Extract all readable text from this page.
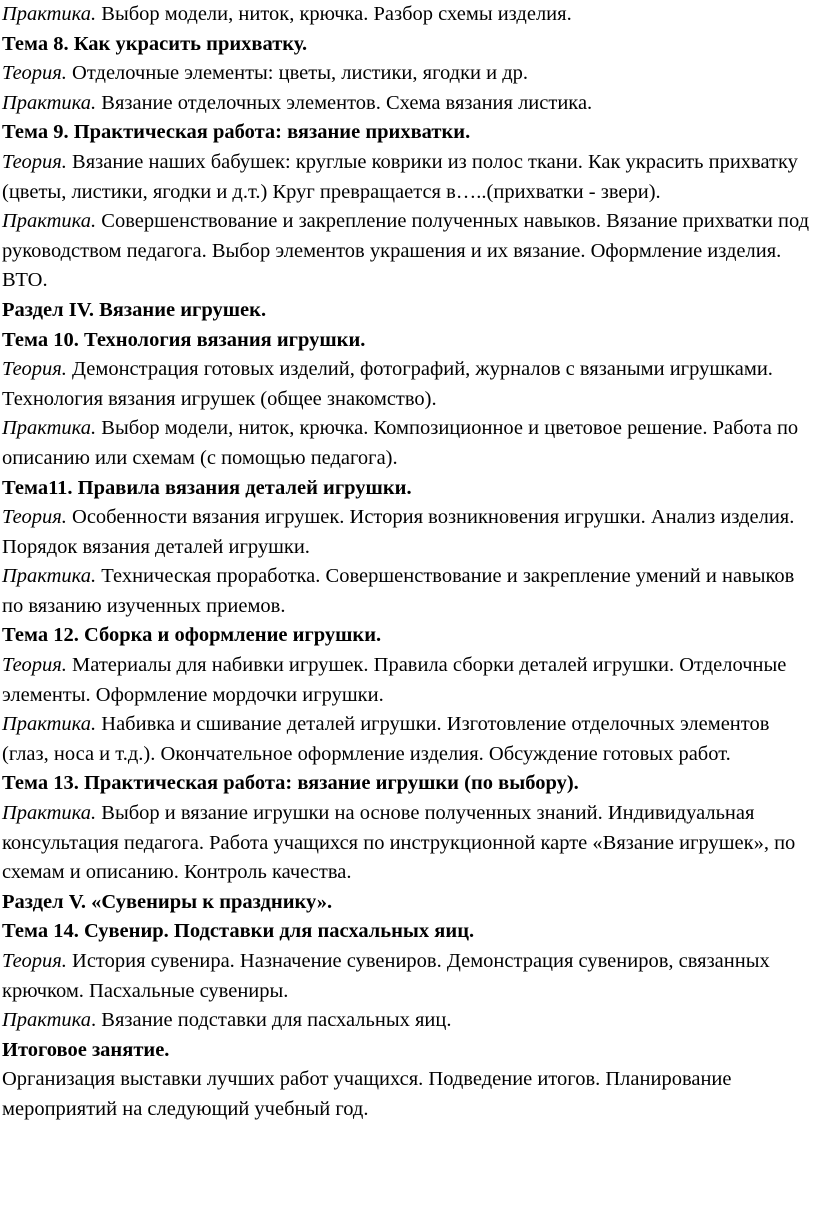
Практика. Выбор модели, ниток, крючка. Разбор схемы изделия.

Тема 8. Как украсить прихватку.

Теория. Отделочные элементы: цветы, листики, ягодки и др.

Практика. Вязание отделочных элементов. Схема вязания листика.

Тема 9. Практическая работа: вязание прихватки.

Теория. Вязание наших бабушек: круглые коврики из полос ткани. Как украсить прихватку (цветы, листики, ягодки и д.т.) Круг превращается в…..(прихватки - звери).

Практика. Совершенствование и закрепление полученных навыков. Вязание прихватки под руководством педагога. Выбор элементов украшения и их вязание. Оформление изделия. ВТО.

Раздел IV. Вязание игрушек.

Тема 10. Технология вязания игрушки.

Теория. Демонстрация готовых изделий, фотографий, журналов с вязаными игрушками. Технология вязания игрушек (общее знакомство).

Практика. Выбор модели, ниток, крючка. Композиционное и цветовое решение. Работа по описанию или схемам (с помощью педагога).

Тема11. Правила вязания деталей игрушки.

Теория. Особенности вязания игрушек. История возникновения игрушки. Анализ изделия. Порядок вязания деталей игрушки.

Практика. Техническая проработка. Совершенствование и закрепление умений и навыков по вязанию изученных приемов.

Тема 12. Сборка и оформление игрушки.

Теория. Материалы для набивки игрушек. Правила сборки деталей игрушки. Отделочные элементы. Оформление мордочки игрушки.

Практика. Набивка и сшивание деталей игрушки. Изготовление отделочных элементов (глаз, носа и т.д.). Окончательное оформление изделия. Обсуждение готовых работ.

Тема 13. Практическая работа: вязание игрушки (по выбору).

Практика. Выбор и вязание игрушки на основе полученных знаний. Индивидуальная консультация педагога. Работа учащихся по инструкционной карте «Вязание игрушек», по схемам и описанию. Контроль качества.

Раздел V. «Сувениры к празднику».

Тема 14. Сувенир. Подставки для пасхальных яиц.

Теория. История сувенира. Назначение сувениров. Демонстрация сувениров, связанных крючком. Пасхальные сувениры.

Практика. Вязание подставки для пасхальных яиц.

Итоговое занятие.

Организация выставки лучших работ учащихся. Подведение итогов. Планирование мероприятий на следующий учебный год.
